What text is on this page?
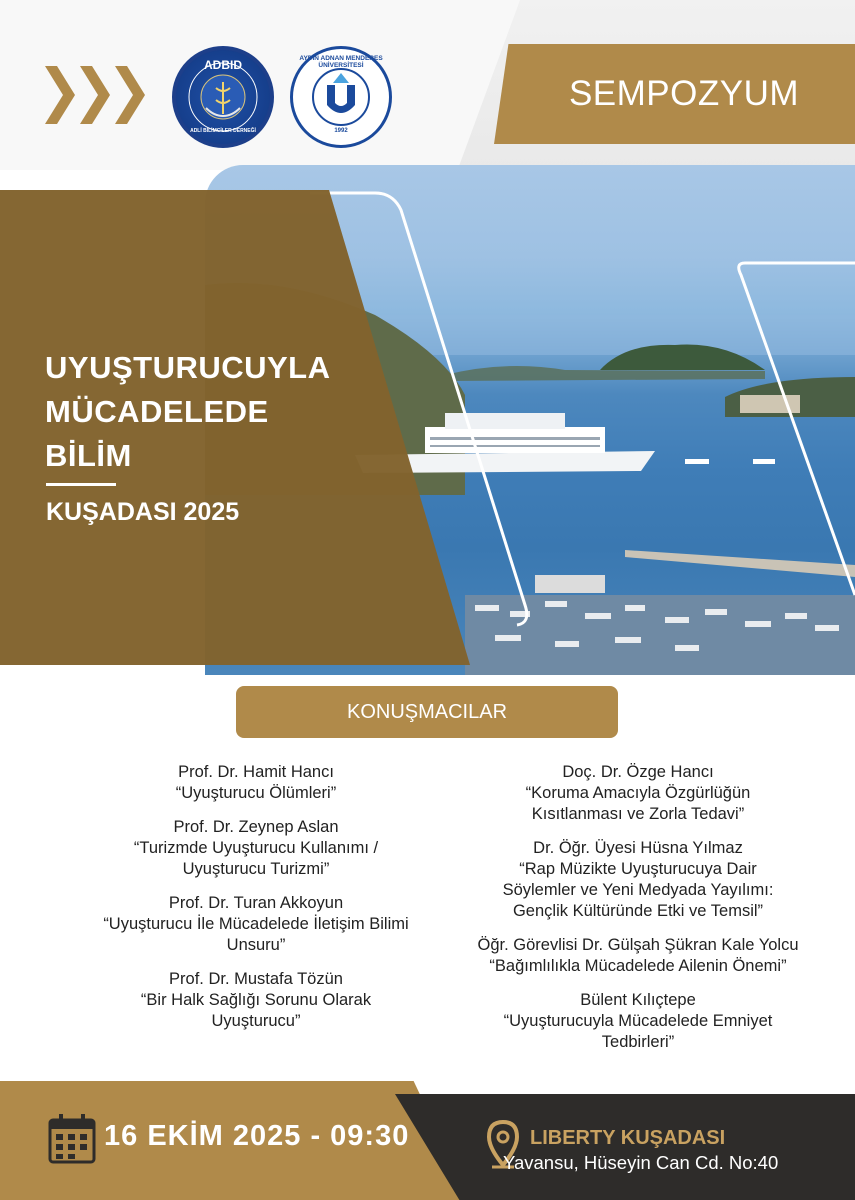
ADBID
ADLİ BİLİMCİLER DERNEĞİ
AYDIN ADNAN MENDERES ÜNİVERSİTESİ
1992
SEMPOZYUM
UYUŞTURUCUYLA
MÜCADELEDE
BİLİM
KUŞADASI 2025
KONUŞMACILAR
Prof. Dr. Hamit Hancı
“Uyuşturucu Ölümleri”
Prof. Dr. Zeynep Aslan
“Turizmde Uyuşturucu Kullanımı /
Uyuşturucu Turizmi”
Prof. Dr. Turan Akkoyun
“Uyuşturucu İle Mücadelede İletişim Bilimi
Unsuru”
Prof. Dr. Mustafa Tözün
“Bir Halk Sağlığı Sorunu Olarak
Uyuşturucu”
Doç. Dr. Özge Hancı
“Koruma Amacıyla Özgürlüğün
Kısıtlanması ve Zorla Tedavi”
Dr. Öğr. Üyesi Hüsna Yılmaz
“Rap Müzikte Uyuşturucuya Dair
Söylemler ve Yeni Medyada Yayılımı:
Gençlik Kültüründe Etki ve Temsil”
Öğr. Görevlisi Dr. Gülşah Şükran Kale Yolcu
“Bağımlılıkla Mücadelede Ailenin Önemi”
Bülent Kılıçtepe
“Uyuşturucuyla Mücadelede Emniyet
Tedbirleri”
16 EKİM 2025 - 09:30	LIBERTY KUŞADASI
Yavansu, Hüseyin Can Cd. No:40
